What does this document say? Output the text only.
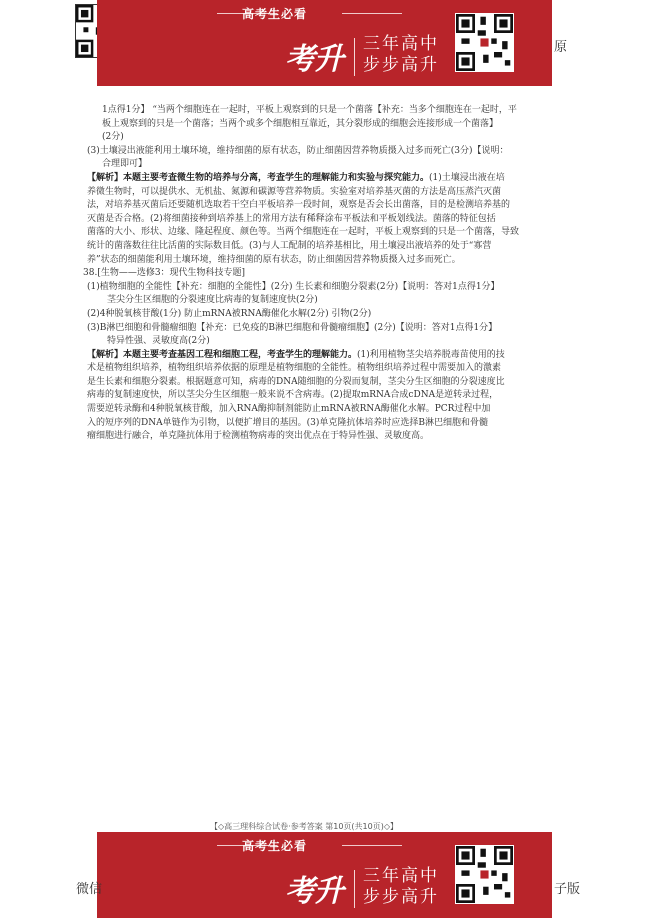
原
高考生必看
考升 三年高中
步步高升
1点得1分】 “当两个细胞连在一起时，平板上观察到的只是一个菌落【补充：当多个细胞连在一起时，平
板上观察到的只是一个菌落；当两个或多个细胞相互靠近，其分裂形成的细胞会连接形成一个菌落】
(2分)
(3)土壤浸出液能利用土壤环境，维持细菌的原有状态，防止细菌因营养物质摄入过多而死亡(3分)【说明：
合理即可】
【解析】本题主要考查微生物的培养与分离，考查学生的理解能力和实验与探究能力。(1)土壤浸出液在培
养微生物时，可以提供水、无机盐、氮源和碳源等营养物质。实验室对培养基灭菌的方法是高压蒸汽灭菌
法，对培养基灭菌后还要随机选取若干空白平板培养一段时间，观察是否会长出菌落，目的是检测培养基的
灭菌是否合格。(2)将细菌接种到培养基上的常用方法有稀释涂布平板法和平板划线法。菌落的特征包括
菌落的大小、形状、边缘、隆起程度、颜色等。当两个细胞连在一起时，平板上观察到的只是一个菌落，导致
统计的菌落数往往比活菌的实际数目低。(3)与人工配制的培养基相比，用土壤浸出液培养的处于“寡营
养”状态的细菌能利用土壤环境，维持细菌的原有状态，防止细菌因营养物质摄入过多而死亡。
38.[生物——选修3：现代生物科技专题]
(1)植物细胞的全能性【补充：细胞的全能性】(2分) 生长素和细胞分裂素(2分)【说明：答对1点得1分】
茎尖分生区细胞的分裂速度比病毒的复制速度快(2分)
(2)4种脱氧核苷酸(1分) 防止mRNA被RNA酶催化水解(2分) 引物(2分)
(3)B淋巴细胞和骨髓瘤细胞【补充：已免疫的B淋巴细胞和骨髓瘤细胞】(2分)【说明：答对1点得1分】
特异性强、灵敏度高(2分)
【解析】本题主要考查基因工程和细胞工程，考查学生的理解能力。(1)利用植物茎尖培养脱毒苗使用的技
术是植物组织培养，植物组织培养依据的原理是植物细胞的全能性。植物组织培养过程中需要加入的激素
是生长素和细胞分裂素。根据题意可知，病毒的DNA随细胞的分裂而复制，茎尖分生区细胞的分裂速度比
病毒的复制速度快，所以茎尖分生区细胞一般来说不含病毒。(2)提取mRNA合成cDNA是逆转录过程，
需要逆转录酶和4种脱氧核苷酸，加入RNA酶抑制剂能防止mRNA被RNA酶催化水解。PCR过程中加
入的短序列的DNA单链作为引物，以便扩增目的基因。(3)单克隆抗体培养时应选择B淋巴细胞和骨髓
瘤细胞进行融合，单克隆抗体用于检测植物病毒的突出优点在于特异性强、灵敏度高。
【◇高三理科综合试卷·参考答案 第10页(共10页)◇】
高考生必看
考升 三年高中
步步高升
微信	子版
